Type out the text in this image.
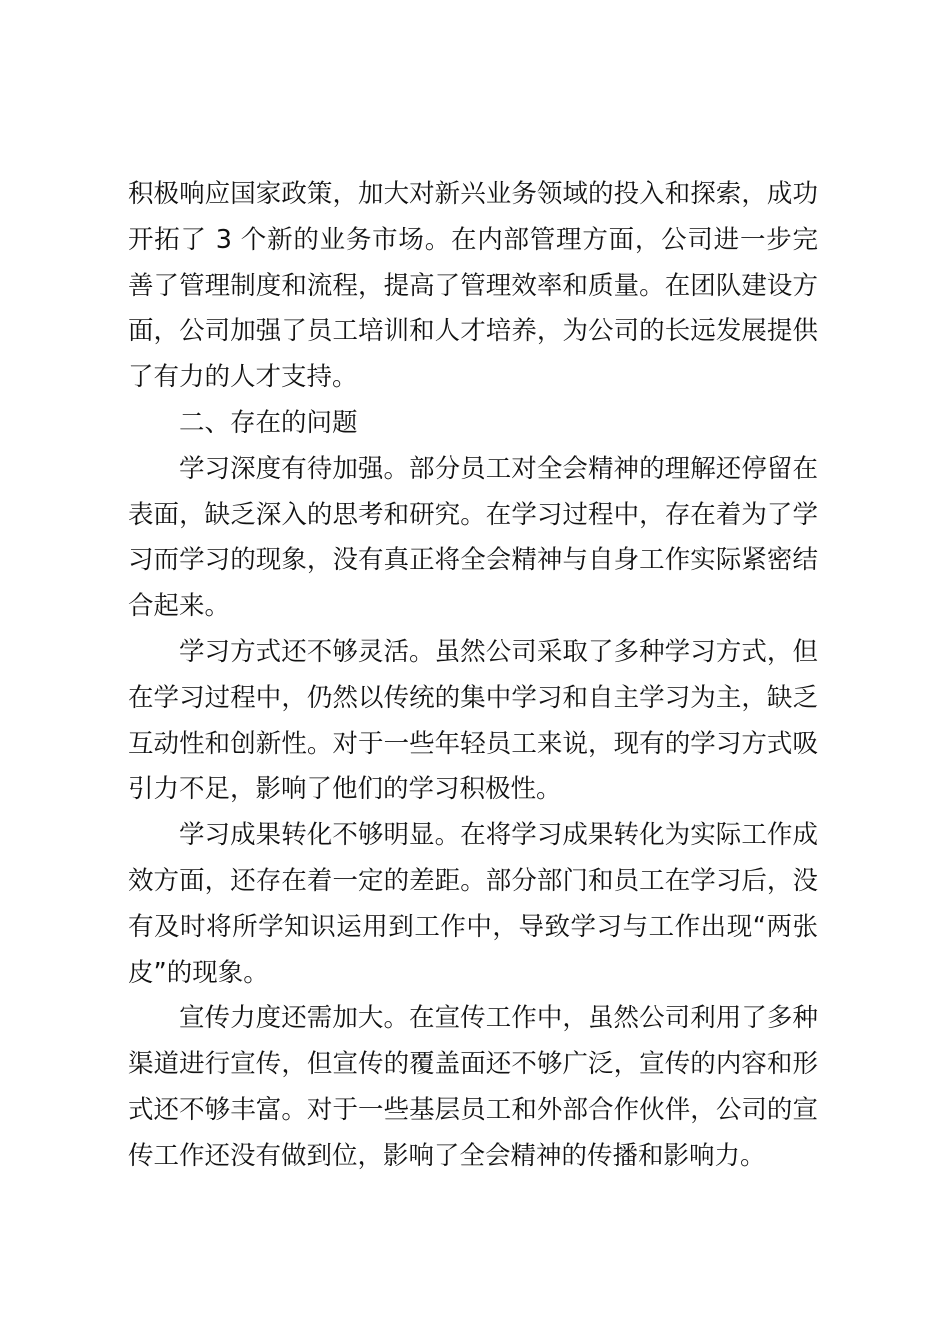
积极响应国家政策，加大对新兴业务领域的投入和探索，成功开拓了 3 个新的业务市场。在内部管理方面，公司进一步完善了管理制度和流程，提高了管理效率和质量。在团队建设方面，公司加强了员工培训和人才培养，为公司的长远发展提供了有力的人才支持。

二、存在的问题

学习深度有待加强。部分员工对全会精神的理解还停留在表面，缺乏深入的思考和研究。在学习过程中，存在着为了学习而学习的现象，没有真正将全会精神与自身工作实际紧密结合起来。

学习方式还不够灵活。虽然公司采取了多种学习方式，但在学习过程中，仍然以传统的集中学习和自主学习为主，缺乏互动性和创新性。对于一些年轻员工来说，现有的学习方式吸引力不足，影响了他们的学习积极性。

学习成果转化不够明显。在将学习成果转化为实际工作成效方面，还存在着一定的差距。部分部门和员工在学习后，没有及时将所学知识运用到工作中，导致学习与工作出现“两张皮”的现象。

宣传力度还需加大。在宣传工作中，虽然公司利用了多种渠道进行宣传，但宣传的覆盖面还不够广泛，宣传的内容和形式还不够丰富。对于一些基层员工和外部合作伙伴，公司的宣传工作还没有做到位，影响了全会精神的传播和影响力。
